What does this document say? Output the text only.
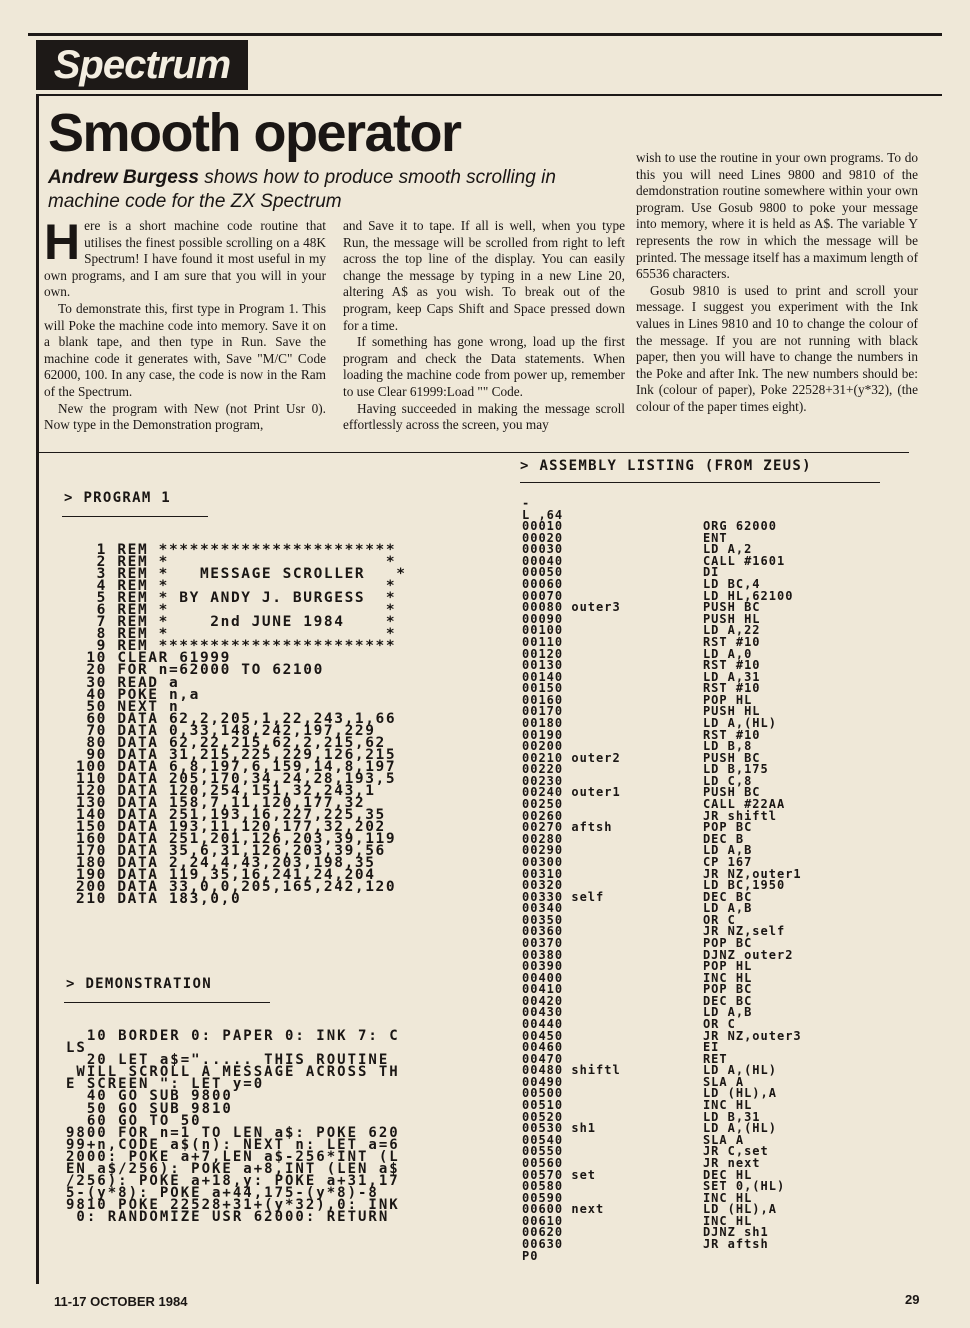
Spectrum
Smooth operator
Andrew Burgess shows how to produce smooth scrolling in machine code for the ZX Spectrum

Here is a short machine code routine that utilises the finest possible scrolling on a 48K Spectrum! I have found it most useful in my own programs, and I am sure that you will in your own.

To demonstrate this, first type in Program 1. This will Poke the machine code into memory. Save it on a blank tape, and then type in Run. Save the machine code it generates with, Save "M/C" Code 62000, 100. In any case, the code is now in the Ram of the Spectrum.

New the program with New (not Print Usr 0). Now type in the Demonstration program,

and Save it to tape. If all is well, when you type Run, the message will be scrolled from right to left across the top line of the display. You can easily change the message by typing in a new Line 20, altering A$ as you wish. To break out of the program, keep Caps Shift and Space pressed down for a time.

If something has gone wrong, load up the first program and check the Data statements. When loading the machine code from power up, remember to use Clear 61999:Load "" Code.

Having succeeded in making the message scroll effortlessly across the screen, you may

wish to use the routine in your own programs. To do this you will need Lines 9800 and 9810 of the demdonstration routine somewhere within your own program. Use Gosub 9800 to poke your message into memory, where it is held as A$. The variable Y represents the row in which the message will be printed. The message itself has a maximum length of 65536 characters.

Gosub 9810 is used to print and scroll your message. I suggest you experiment with the Ink values in Lines 9810 and 10 to change the colour of the message. If you are not running with black paper, then you will have to change the numbers in the Poke and after Ink. The new numbers should be: Ink (colour of paper), Poke 22528+31+(y*32), (the colour of the paper times eight).

> PROGRAM 1
1 REM ***********************
2 REM *                     *
3 REM *   MESSAGE SCROLLER   *
4 REM *                     *
5 REM * BY ANDY J. BURGESS  *
6 REM *                     *
7 REM *    2nd JUNE 1984    *
8 REM *                     *
9 REM ***********************
10 CLEAR 61999
20 FOR n=62000 TO 62100
30 READ a
40 POKE n,a
50 NEXT n
60 DATA 62,2,205,1,22,243,1,66
70 DATA 0,33,148,242,197,229
80 DATA 62,22,215,62,2,215,62
90 DATA 31,215,225,229,126,215
100 DATA 6,8,197,6,159,14,8,197
110 DATA 205,170,34,24,28,193,5
120 DATA 120,254,151,32,243,1
130 DATA 158,7,11,120,177,32
140 DATA 251,193,16,227,225,35
150 DATA 193,11,120,177,32,202
160 DATA 251,201,126,203,39,119
170 DATA 35,6,31,126,203,39,56
180 DATA 2,24,4,43,203,198,35
190 DATA 119,35,16,241,24,204
200 DATA 33,0,0,205,165,242,120
210 DATA 183,0,0
> DEMONSTRATION
10 BORDER 0: PAPER 0: INK 7: C
LS
20 LET a$="..... THIS ROUTINE
WILL SCROLL A MESSAGE ACROSS TH
E SCREEN ": LET y=0
40 GO SUB 9800
50 GO SUB 9810
60 GO TO 50
9800 FOR n=1 TO LEN a$: POKE 620
99+n,CODE a$(n): NEXT n: LET a=6
2000: POKE a+7,LEN a$-256*INT (L
EN a$/256): POKE a+8,INT (LEN a$
/256): POKE a+18,y: POKE a+31,17
5-(y*8): POKE a+44,175-(y*8)-8
9810 POKE 22528+31+(y*32),0: INK
0: RANDOMIZE USR 62000: RETURN
> ASSEMBLY LISTING (FROM ZEUS)
-
L ,64
00010                 ORG 62000
00020                 ENT
00030                 LD A,2
00040                 CALL #1601
00050                 DI
00060                 LD BC,4
00070                 LD HL,62100
00080 outer3          PUSH BC
00090                 PUSH HL
00100                 LD A,22
00110                 RST #10
00120                 LD A,0
00130                 RST #10
00140                 LD A,31
00150                 RST #10
00160                 POP HL
00170                 PUSH HL
00180                 LD A,(HL)
00190                 RST #10
00200                 LD B,8
00210 outer2          PUSH BC
00220                 LD B,175
00230                 LD C,8
00240 outer1          PUSH BC
00250                 CALL #22AA
00260                 JR shiftl
00270 aftsh           POP BC
00280                 DEC B
00290                 LD A,B
00300                 CP 167
00310                 JR NZ,outer1
00320                 LD BC,1950
00330 self            DEC BC
00340                 LD A,B
00350                 OR C
00360                 JR NZ,self
00370                 POP BC
00380                 DJNZ outer2
00390                 POP HL
00400                 INC HL
00410                 POP BC
00420                 DEC BC
00430                 LD A,B
00440                 OR C
00450                 JR NZ,outer3
00460                 EI
00470                 RET
00480 shiftl          LD A,(HL)
00490                 SLA A
00500                 LD (HL),A
00510                 INC HL
00520                 LD B,31
00530 sh1             LD A,(HL)
00540                 SLA A
00550                 JR C,set
00560                 JR next
00570 set             DEC HL
00580                 SET 0,(HL)
00590                 INC HL
00600 next            LD (HL),A
00610                 INC HL
00620                 DJNZ sh1
00630                 JR aftsh
P0
11-17 OCTOBER 1984	29
